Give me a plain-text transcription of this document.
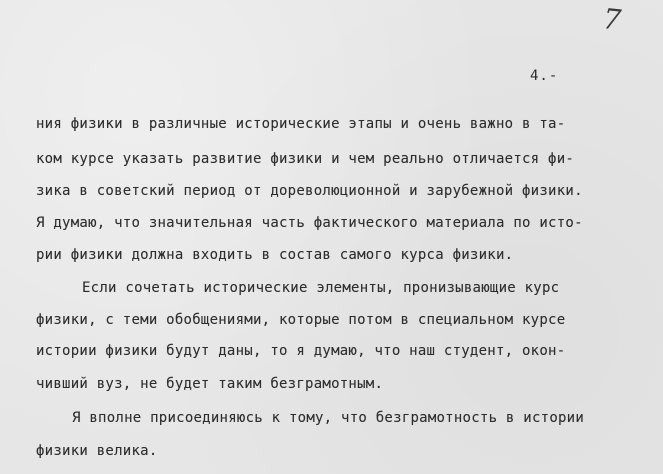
7
4.-
ния физики в различные исторические этапы и очень важно в та-
ком курсе указать развитие физики и чем реально отличается фи-
зика в советский период от дореволюционной и зарубежной физики.
Я думаю, что значительная часть фактического материала по исто-
рии физики должна входить в состав самого курса физики.
Если сочетать исторические элементы, пронизывающие курс
физики, с теми обобщениями, которые потом в специальном курсе
истории физики будут даны, то я думаю, что наш студент, окон-
чивший вуз, не будет таким безграмотным.
Я вполне присоединяюсь к тому, что безграмотность в истории
физики велика.
